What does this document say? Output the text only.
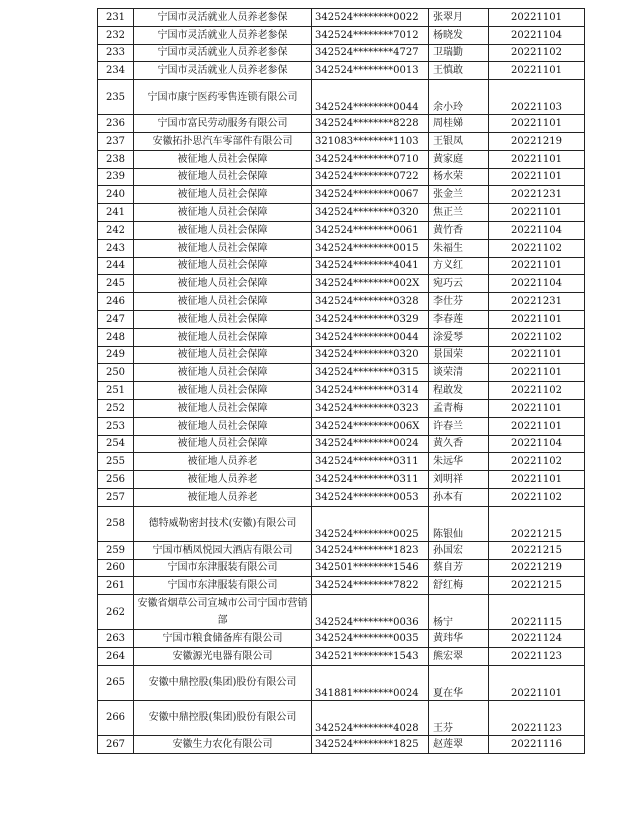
231	宁国市灵活就业人员养老参保	342524********0022	张翠月	20221101
232	宁国市灵活就业人员养老参保	342524********7012	杨晓发	20221104
233	宁国市灵活就业人员养老参保	342524********4727	卫瑞勤	20221102
234	宁国市灵活就业人员养老参保	342524********0013	王慎敢	20221101
235	宁国市康宁医药零售连锁有限公司	342524********0044	余小玲	20221103
236	宁国市富民劳动服务有限公司	342524********8228	周桂娣	20221101
237	安徽拓扑思汽车零部件有限公司	321083********1103	王银凤	20221219
238	被征地人员社会保障	342524********0710	黄家庭	20221101
239	被征地人员社会保障	342524********0722	杨水荣	20221101
240	被征地人员社会保障	342524********0067	张金兰	20221231
241	被征地人员社会保障	342524********0320	焦正兰	20221101
242	被征地人员社会保障	342524********0061	黄竹香	20221104
243	被征地人员社会保障	342524********0015	朱福生	20221102
244	被征地人员社会保障	342524********4041	方义红	20221101
245	被征地人员社会保障	342524********002X	宛巧云	20221104
246	被征地人员社会保障	342524********0328	李仕芬	20221231
247	被征地人员社会保障	342524********0329	李春莲	20221101
248	被征地人员社会保障	342524********0044	涂爱琴	20221102
249	被征地人员社会保障	342524********0320	景国荣	20221101
250	被征地人员社会保障	342524********0315	谈荣清	20221101
251	被征地人员社会保障	342524********0314	程敢发	20221102
252	被征地人员社会保障	342524********0323	孟青梅	20221101
253	被征地人员社会保障	342524********006X	许春兰	20221101
254	被征地人员社会保障	342524********0024	黄久香	20221104
255	被征地人员养老	342524********0311	朱远华	20221102
256	被征地人员养老	342524********0311	刘明祥	20221101
257	被征地人员养老	342524********0053	孙本有	20221102
258	德特威勒密封技术(安徽)有限公司	342524********0025	陈银仙	20221215
259	宁国市栖凤悦园大酒店有限公司	342524********1823	孙国宏	20221215
260	宁国市东津服装有限公司	342501********1546	蔡自芳	20221219
261	宁国市东津服装有限公司	342524********7822	舒红梅	20221215
262	安徽省烟草公司宣城市公司宁国市营销部	342524********0036	杨宁	20221115
263	宁国市粮食储备库有限公司	342524********0035	黄玮华	20221124
264	安徽源光电器有限公司	342521********1543	熊宏翠	20221123
265	安徽中鼎控股(集团)股份有限公司	341881********0024	夏在华	20221101
266	安徽中鼎控股(集团)股份有限公司	342524********4028	王芬	20221123
267	安徽生力农化有限公司	342524********1825	赵莲翠	20221116
